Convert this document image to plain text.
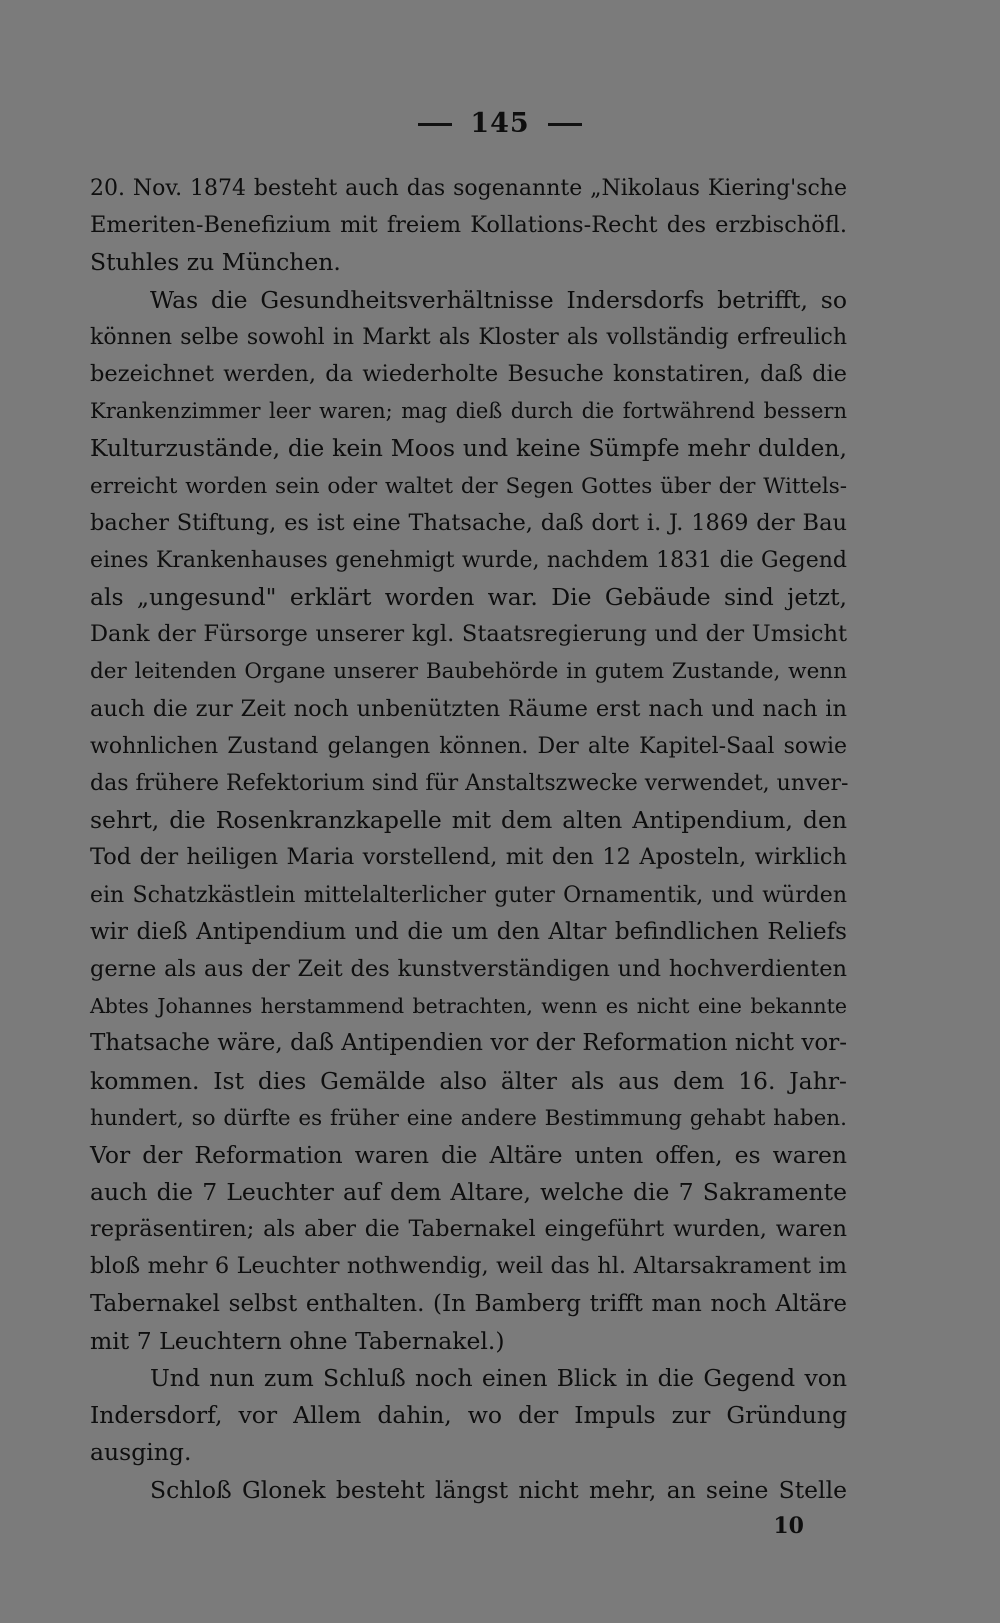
145
20. Nov. 1874 besteht auch das sogenannte „Nikolaus Kiering'sche
Emeriten-Benefizium mit freiem Kollations-Recht des erzbischöfl.
Stuhles zu München.
Was die Gesundheitsverhältnisse Indersdorfs betrifft, so
können selbe sowohl in Markt als Kloster als vollständig erfreulich
bezeichnet werden, da wiederholte Besuche konstatiren, daß die
Krankenzimmer leer waren; mag dieß durch die fortwährend bessern
Kulturzustände, die kein Moos und keine Sümpfe mehr dulden,
erreicht worden sein oder waltet der Segen Gottes über der Wittels-
bacher Stiftung, es ist eine Thatsache, daß dort i. J. 1869 der Bau
eines Krankenhauses genehmigt wurde, nachdem 1831 die Gegend
als „ungesund" erklärt worden war. Die Gebäude sind jetzt,
Dank der Fürsorge unserer kgl. Staatsregierung und der Umsicht
der leitenden Organe unserer Baubehörde in gutem Zustande, wenn
auch die zur Zeit noch unbenützten Räume erst nach und nach in
wohnlichen Zustand gelangen können. Der alte Kapitel-Saal sowie
das frühere Refektorium sind für Anstaltszwecke verwendet, unver-
sehrt, die Rosenkranzkapelle mit dem alten Antipendium, den
Tod der heiligen Maria vorstellend, mit den 12 Aposteln, wirklich
ein Schatzkästlein mittelalterlicher guter Ornamentik, und würden
wir dieß Antipendium und die um den Altar befindlichen Reliefs
gerne als aus der Zeit des kunstverständigen und hochverdienten
Abtes Johannes herstammend betrachten, wenn es nicht eine bekannte
Thatsache wäre, daß Antipendien vor der Reformation nicht vor-
kommen. Ist dies Gemälde also älter als aus dem 16. Jahr-
hundert, so dürfte es früher eine andere Bestimmung gehabt haben.
Vor der Reformation waren die Altäre unten offen, es waren
auch die 7 Leuchter auf dem Altare, welche die 7 Sakramente
repräsentiren; als aber die Tabernakel eingeführt wurden, waren
bloß mehr 6 Leuchter nothwendig, weil das hl. Altarsakrament im
Tabernakel selbst enthalten. (In Bamberg trifft man noch Altäre
mit 7 Leuchtern ohne Tabernakel.)
Und nun zum Schluß noch einen Blick in die Gegend von
Indersdorf, vor Allem dahin, wo der Impuls zur Gründung
ausging.
Schloß Glonek besteht längst nicht mehr, an seine Stelle
10
